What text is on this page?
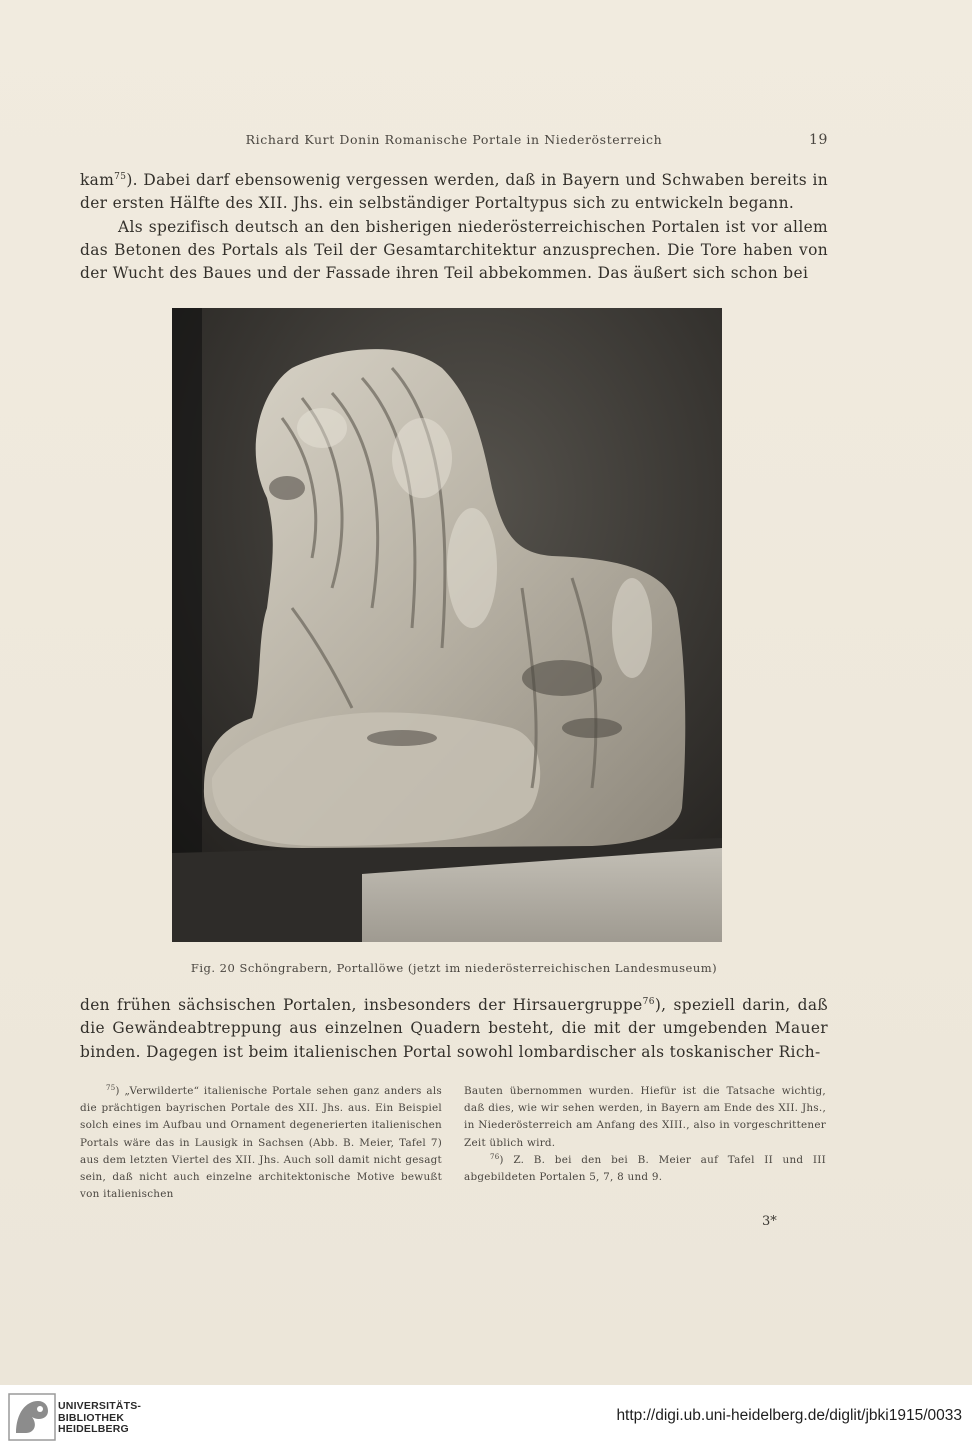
Richard Kurt Donin Romanische Portale in Niederösterreich	19

kam$^{75}$). Dabei darf ebensowenig vergessen werden, daß in Bayern und Schwaben bereits in der ersten Hälfte des XII. Jhs. ein selbständiger Portaltypus sich zu entwickeln begann.

Als spezifisch deutsch an den bisherigen niederösterreichischen Portalen ist vor allem das Betonen des Portals als Teil der Gesamtarchitektur anzusprechen. Die Tore haben von der Wucht des Baues und der Fassade ihren Teil abbekommen. Das äußert sich schon bei

Fig. 20 Schöngrabern, Portallöwe (jetzt im niederösterreichischen Landesmuseum)

den frühen sächsischen Portalen, insbesonders der Hirsauergruppe$^{76}$), speziell darin, daß die Gewändeabtreppung aus einzelnen Quadern besteht, die mit der umgebenden Mauer binden. Dagegen ist beim italienischen Portal sowohl lombardischer als toskanischer Rich-

$^{75}$) „Verwilderte“ italienische Portale sehen ganz anders als die prächtigen bayrischen Portale des XII. Jhs. aus. Ein Beispiel solch eines im Aufbau und Ornament degenerierten italienischen Portals wäre das in Lausigk in Sachsen (Abb. B. Meier, Tafel 7) aus dem letzten Viertel des XII. Jhs. Auch soll damit nicht gesagt sein, daß nicht auch einzelne architektonische Motive bewußt von italienischen

Bauten übernommen wurden. Hiefür ist die Tatsache wichtig, daß dies, wie wir sehen werden, in Bayern am Ende des XII. Jhs., in Niederösterreich am Anfang des XIII., also in vorgeschrittener Zeit üblich wird.

$^{76}$) Z. B. bei den bei B. Meier auf Tafel II und III abgebildeten Portalen 5, 7, 8 und 9.

3*
UNIVERSITÄTS-
BIBLIOTHEK
HEIDELBERG
http://digi.ub.uni-heidelberg.de/diglit/jbki1915/0033
